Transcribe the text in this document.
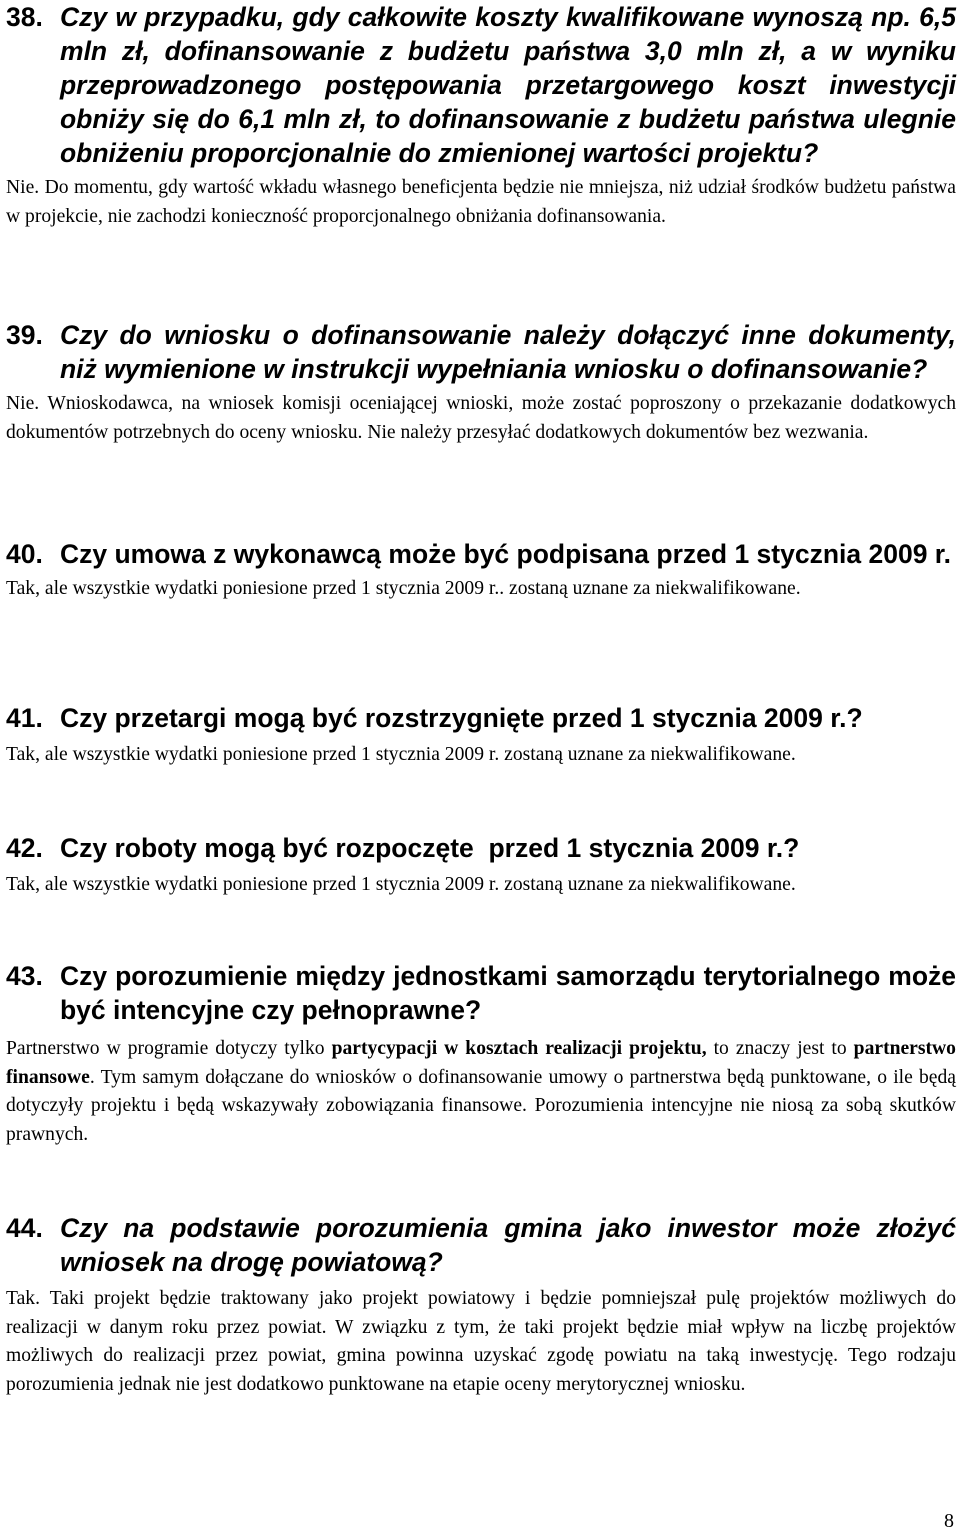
38. Czy w przypadku, gdy całkowite koszty kwalifikowane wynoszą np. 6,5 mln zł, dofinansowanie z budżetu państwa 3,0 mln zł, a w wyniku przeprowadzonego postępowania przetargowego koszt inwestycji obniży się do 6,1 mln zł, to dofinansowanie z budżetu państwa ulegnie obniżeniu proporcjonalnie do zmienionej wartości projektu?

Nie. Do momentu, gdy wartość wkładu własnego beneficjenta będzie nie mniejsza, niż udział środków budżetu państwa w projekcie, nie zachodzi konieczność proporcjonalnego obniżania dofinansowania.

39. Czy do wniosku o dofinansowanie należy dołączyć inne dokumenty, niż wymienione w instrukcji wypełniania wniosku o dofinansowanie?

Nie. Wnioskodawca, na wniosek komisji oceniającej wnioski, może zostać poproszony o przekazanie dodatkowych dokumentów potrzebnych do oceny wniosku. Nie należy przesyłać dodatkowych dokumentów bez wezwania.

40. Czy umowa z wykonawcą może być podpisana przed 1 stycznia 2009 r.

Tak, ale wszystkie wydatki poniesione przed 1 stycznia 2009 r.. zostaną uznane za niekwalifikowane.

41. Czy przetargi mogą być rozstrzygnięte przed 1 stycznia 2009 r.?

Tak, ale wszystkie wydatki poniesione przed 1 stycznia 2009 r. zostaną uznane za niekwalifikowane.

42. Czy roboty mogą być rozpoczęte  przed 1 stycznia 2009 r.?

Tak, ale wszystkie wydatki poniesione przed 1 stycznia 2009 r. zostaną uznane za niekwalifikowane.

43. Czy porozumienie między jednostkami samorządu terytorialnego może być intencyjne czy pełnoprawne?

Partnerstwo w programie dotyczy tylko partycypacji w kosztach realizacji projektu, to znaczy jest to partnerstwo finansowe. Tym samym dołączane do wniosków o dofinansowanie umowy o partnerstwa będą punktowane, o ile będą dotyczyły projektu i będą wskazywały zobowiązania finansowe. Porozumienia intencyjne nie niosą za sobą skutków prawnych.

44. Czy na podstawie porozumienia gmina jako inwestor może złożyć wniosek na drogę powiatową?

Tak. Taki projekt będzie traktowany jako projekt powiatowy i będzie pomniejszał pulę projektów możliwych do realizacji w danym roku przez powiat. W związku z tym, że taki projekt będzie miał wpływ na liczbę projektów możliwych do realizacji przez powiat, gmina powinna uzyskać zgodę powiatu na taką inwestycję. Tego rodzaju porozumienia jednak nie jest dodatkowo punktowane na etapie oceny merytorycznej wniosku.

8
